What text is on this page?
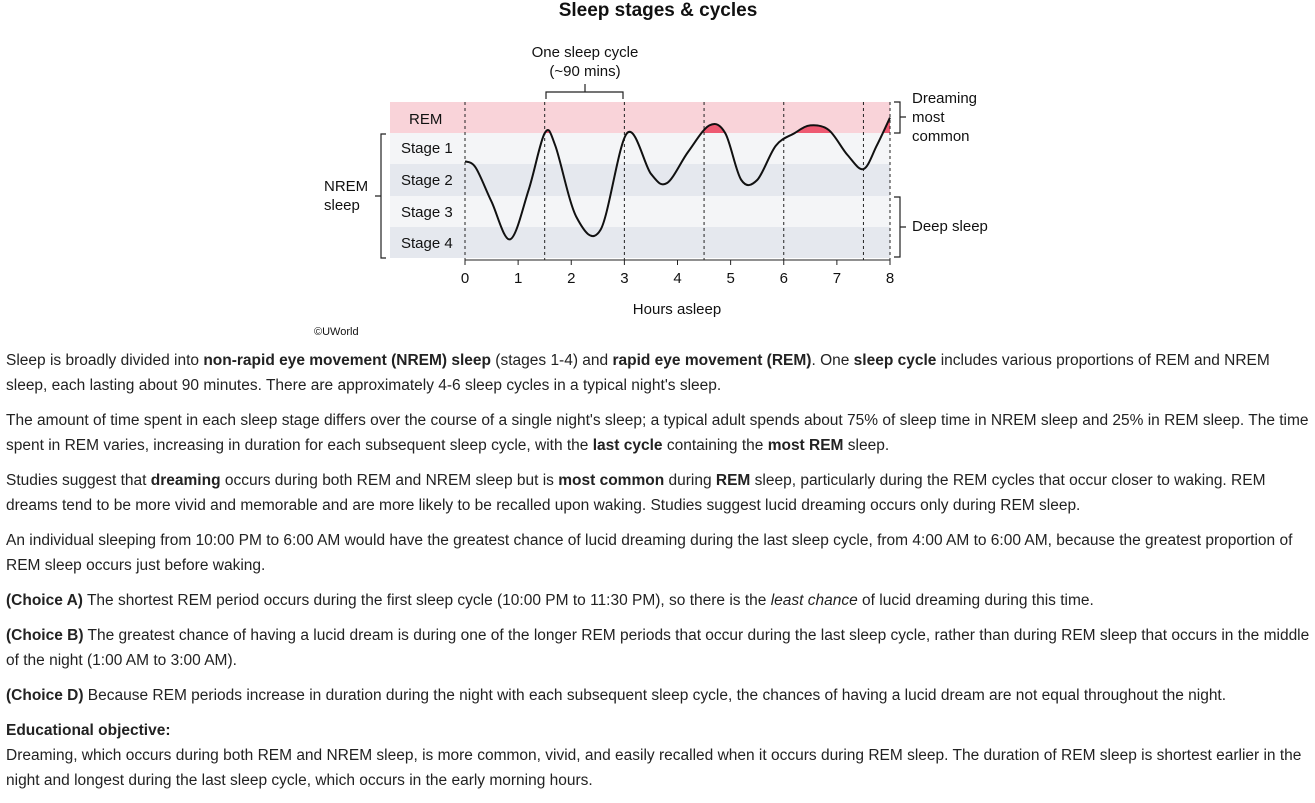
Sleep stages & cycles
REM
Stage 1
Stage 2
Stage 3
Stage 4
0	1	2	3	4	5	6	7	8
Hours asleep
One sleep cycle
(~90 mins)
NREM
sleep
Dreaming
most
common
Deep sleep
©UWorld

Sleep is broadly divided into non-rapid eye movement (NREM) sleep (stages 1-4) and rapid eye movement (REM). One sleep cycle includes various proportions of REM and NREM sleep, each lasting about 90 minutes. There are approximately 4-6 sleep cycles in a typical night's sleep.

The amount of time spent in each sleep stage differs over the course of a single night's sleep; a typical adult spends about 75% of sleep time in NREM sleep and 25% in REM sleep. The time spent in REM varies, increasing in duration for each subsequent sleep cycle, with the last cycle containing the most REM sleep.

Studies suggest that dreaming occurs during both REM and NREM sleep but is most common during REM sleep, particularly during the REM cycles that occur closer to waking. REM dreams tend to be more vivid and memorable and are more likely to be recalled upon waking. Studies suggest lucid dreaming occurs only during REM sleep.

An individual sleeping from 10:00 PM to 6:00 AM would have the greatest chance of lucid dreaming during the last sleep cycle, from 4:00 AM to 6:00 AM, because the greatest proportion of REM sleep occurs just before waking.

(Choice A) The shortest REM period occurs during the first sleep cycle (10:00 PM to 11:30 PM), so there is the least chance of lucid dreaming during this time.

(Choice B) The greatest chance of having a lucid dream is during one of the longer REM periods that occur during the last sleep cycle, rather than during REM sleep that occurs in the middle of the night (1:00 AM to 3:00 AM).

(Choice D) Because REM periods increase in duration during the night with each subsequent sleep cycle, the chances of having a lucid dream are not equal throughout the night.

Educational objective:

Dreaming, which occurs during both REM and NREM sleep, is more common, vivid, and easily recalled when it occurs during REM sleep. The duration of REM sleep is shortest earlier in the night and longest during the last sleep cycle, which occurs in the early morning hours.
